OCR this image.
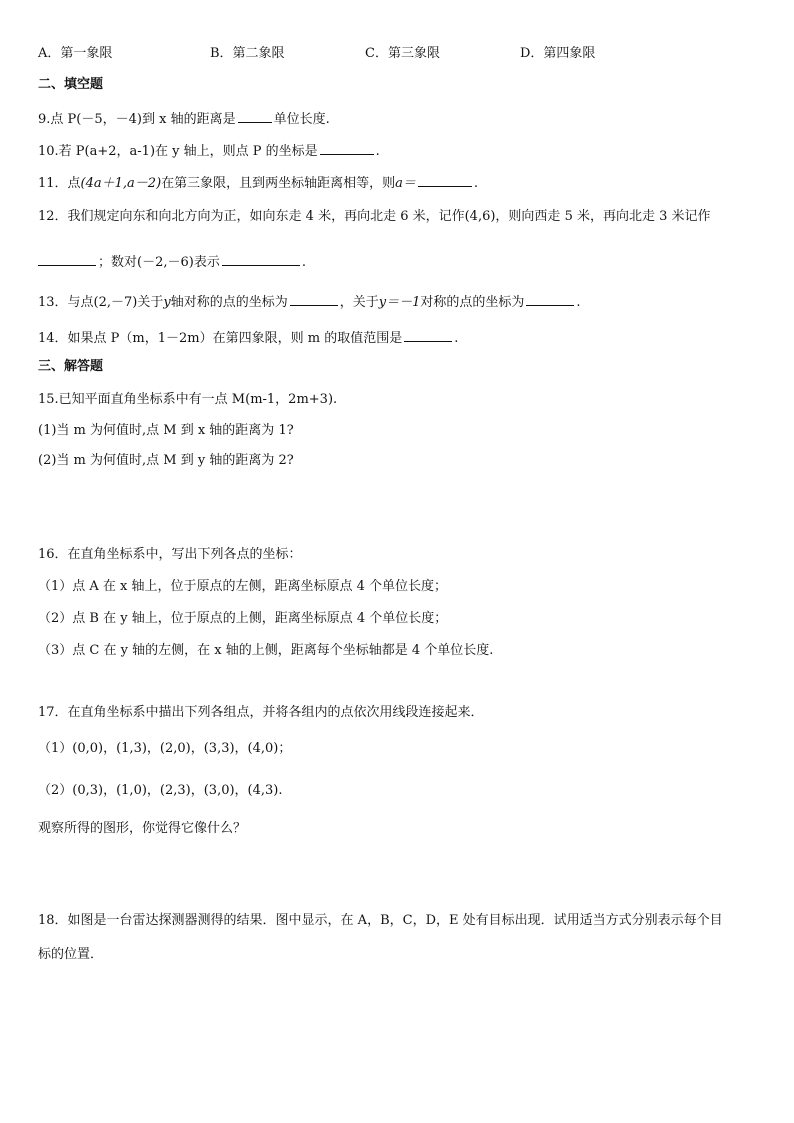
A．第一象限	B．第二象限	C．第三象限	D．第四象限
二、填空题
9.点 P(－5，－4)到 x 轴的距离是	单位长度.
10.若 P(a+2，a-1)在 y 轴上，则点 P 的坐标是	.
11．点(4a＋1,a－2)在第三象限，且到两坐标轴距离相等，则a＝	.
12．我们规定向东和向北方向为正，如向东走 4 米，再向北走 6 米，记作(4,6)，则向西走 5 米，再向北走 3 米记作
；数对(－2,－6)表示	.
13．与点(2,－7)关于y轴对称的点的坐标为	，关于y＝－1对称的点的坐标为	.
14．如果点 P（m，1－2m）在第四象限，则 m 的取值范围是	.
三、解答题
15.已知平面直角坐标系中有一点 M(m-1，2m+3).
(1)当 m 为何值时,点 M 到 x 轴的距离为 1?
(2)当 m 为何值时,点 M 到 y 轴的距离为 2?
16．在直角坐标系中，写出下列各点的坐标：
（1）点 A 在 x 轴上，位于原点的左侧，距离坐标原点 4 个单位长度；
（2）点 B 在 y 轴上，位于原点的上侧，距离坐标原点 4 个单位长度；
（3）点 C 在 y 轴的左侧，在 x 轴的上侧，距离每个坐标轴都是 4 个单位长度.
17．在直角坐标系中描出下列各组点，并将各组内的点依次用线段连接起来．
（1）(0,0)，(1,3)，(2,0)，(3,3)，(4,0)；
（2）(0,3)，(1,0)，(2,3)，(3,0)，(4,3).
观察所得的图形，你觉得它像什么？
18．如图是一台雷达探测器测得的结果．图中显示，在 A，B，C，D，E 处有目标出现．试用适当方式分别表示每个目
标的位置．
